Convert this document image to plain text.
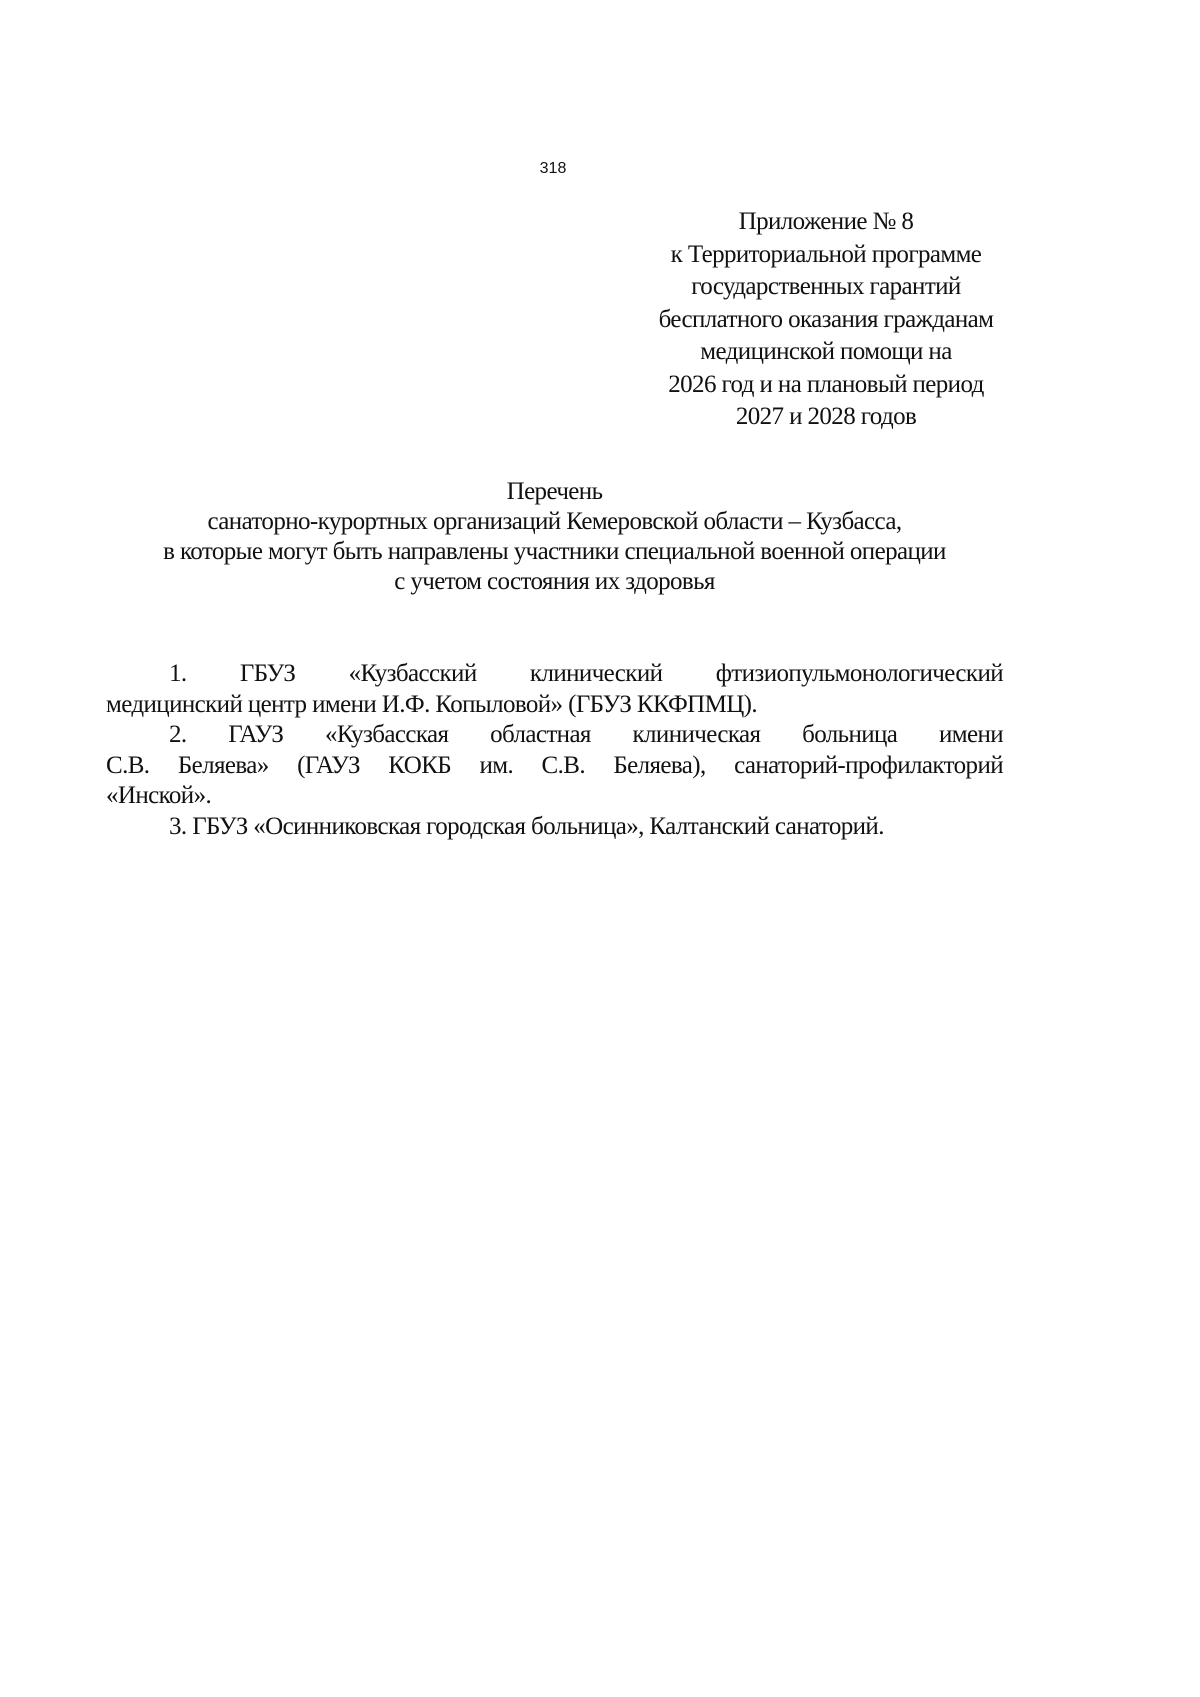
318
Приложение № 8
к Территориальной программе
государственных гарантий
бесплатного оказания гражданам
медицинской помощи на
2026 год и на плановый период
2027 и 2028 годов
Перечень
санаторно-курортных организаций Кемеровской области – Кузбасса,
в которые могут быть направлены участники специальной военной операции
с учетом состояния их здоровья
1. ГБУЗ «Кузбасский клинический фтизиопульмонологический
медицинский центр имени И.Ф. Копыловой» (ГБУЗ ККФПМЦ).
2. ГАУЗ «Кузбасская областная клиническая больница имени
С.В. Беляева» (ГАУЗ КОКБ им. С.В. Беляева), санаторий-профилакторий
«Инской».
3. ГБУЗ «Осинниковская городская больница», Калтанский санаторий.
